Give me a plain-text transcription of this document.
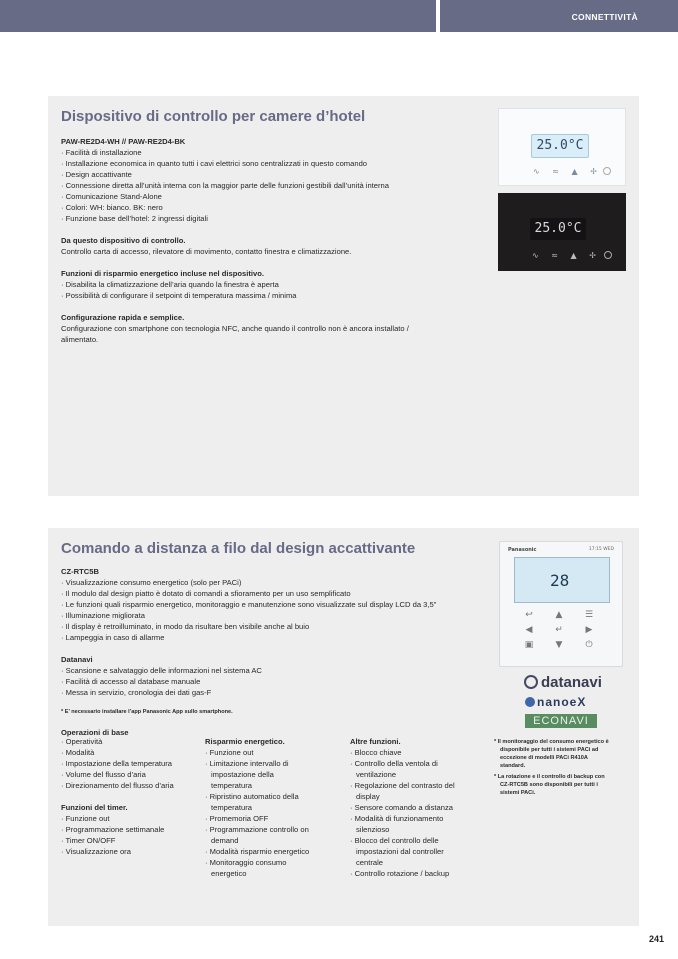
CONNETTIVITÀ
Dispositivo di controllo per camere d’hotel
PAW-RE2D4-WH // PAW-RE2D4-BK
· Facilità di installazione
· Installazione economica in quanto tutti i cavi elettrici sono centralizzati in questo comando
· Design accattivante
· Connessione diretta all’unità interna con la maggior parte delle funzioni gestibili dall’unità interna
· Comunicazione Stand-Alone
· Colori: WH: bianco. BK: nero
· Funzione base dell’hotel: 2 ingressi digitali
Da questo dispositivo di controllo.
Controllo carta di accesso, rilevatore di movimento, contatto finestra e climatizzazione.
Funzioni di risparmio energetico incluse nel dispositivo.
· Disabilita la climatizzazione dell’aria quando la finestra è aperta
· Possibilità di configurare il setpoint di temperatura massima / minima
Configurazione rapida e semplice.
Configurazione con smartphone con tecnologia NFC, anche quando il controllo non è ancora installato /
alimentato.
25.0°C
∿ ≈ ▲ ✢
25.0°C
∿ ≈ ▲ ✢
Comando a distanza a filo dal design accattivante
CZ-RTC5B
· Visualizzazione consumo energetico (solo per PACi)
· Il modulo dal design piatto è dotato di comandi a sfioramento per un uso semplificato
· Le funzioni quali risparmio energetico, monitoraggio e manutenzione sono visualizzate sul display LCD da 3,5”
· Illuminazione migliorata
· Il display è retroilluminato, in modo da risultare ben visibile anche al buio
· Lampeggia in caso di allarme
Datanavi
· Scansione e salvataggio delle informazioni nel sistema AC
· Facilità di accesso al database manuale
· Messa in servizio, cronologia dei dati gas-F
* E’ necessario installare l’app Panasonic App sullo smartphone.
Operazioni di base
· Operatività
· Modalità
· Impostazione della temperatura
· Volume del flusso d’aria
· Direzionamento del flusso d’aria
Funzioni del timer.
· Funzione out
· Programmazione settimanale
· Timer ON/OFF
· Visualizzazione ora
Risparmio energetico.
· Funzione out
· Limitazione intervallo di
impostazione della
temperatura
· Ripristino automatico della
temperatura
· Promemoria OFF
· Programmazione controllo on
demand
· Modalità risparmio energetico
· Monitoraggio consumo
energetico
Altre funzioni.
· Blocco chiave
· Controllo della ventola di
ventilazione
· Regolazione del contrasto del
display
· Sensore comando a distanza
· Modalità di funzionamento
silenzioso
· Blocco del controllo delle
impostazioni dal controller
centrale
· Controllo rotazione / backup
* Il monitoraggio del consumo energetico è
disponibile per tutti i sistemi PACi ad
eccezione di modelli PACi R410A
standard.
* La rotazione e il controllo di backup con
CZ-RTC5B sono disponibili per tutti i
sistemi PACi.
Panasonic	17:15 WED
28
↩	▲	☰ ◀	↵	▶ ▣ ▼	⏻
datanavi
nanoeX
ECONAVI
241
